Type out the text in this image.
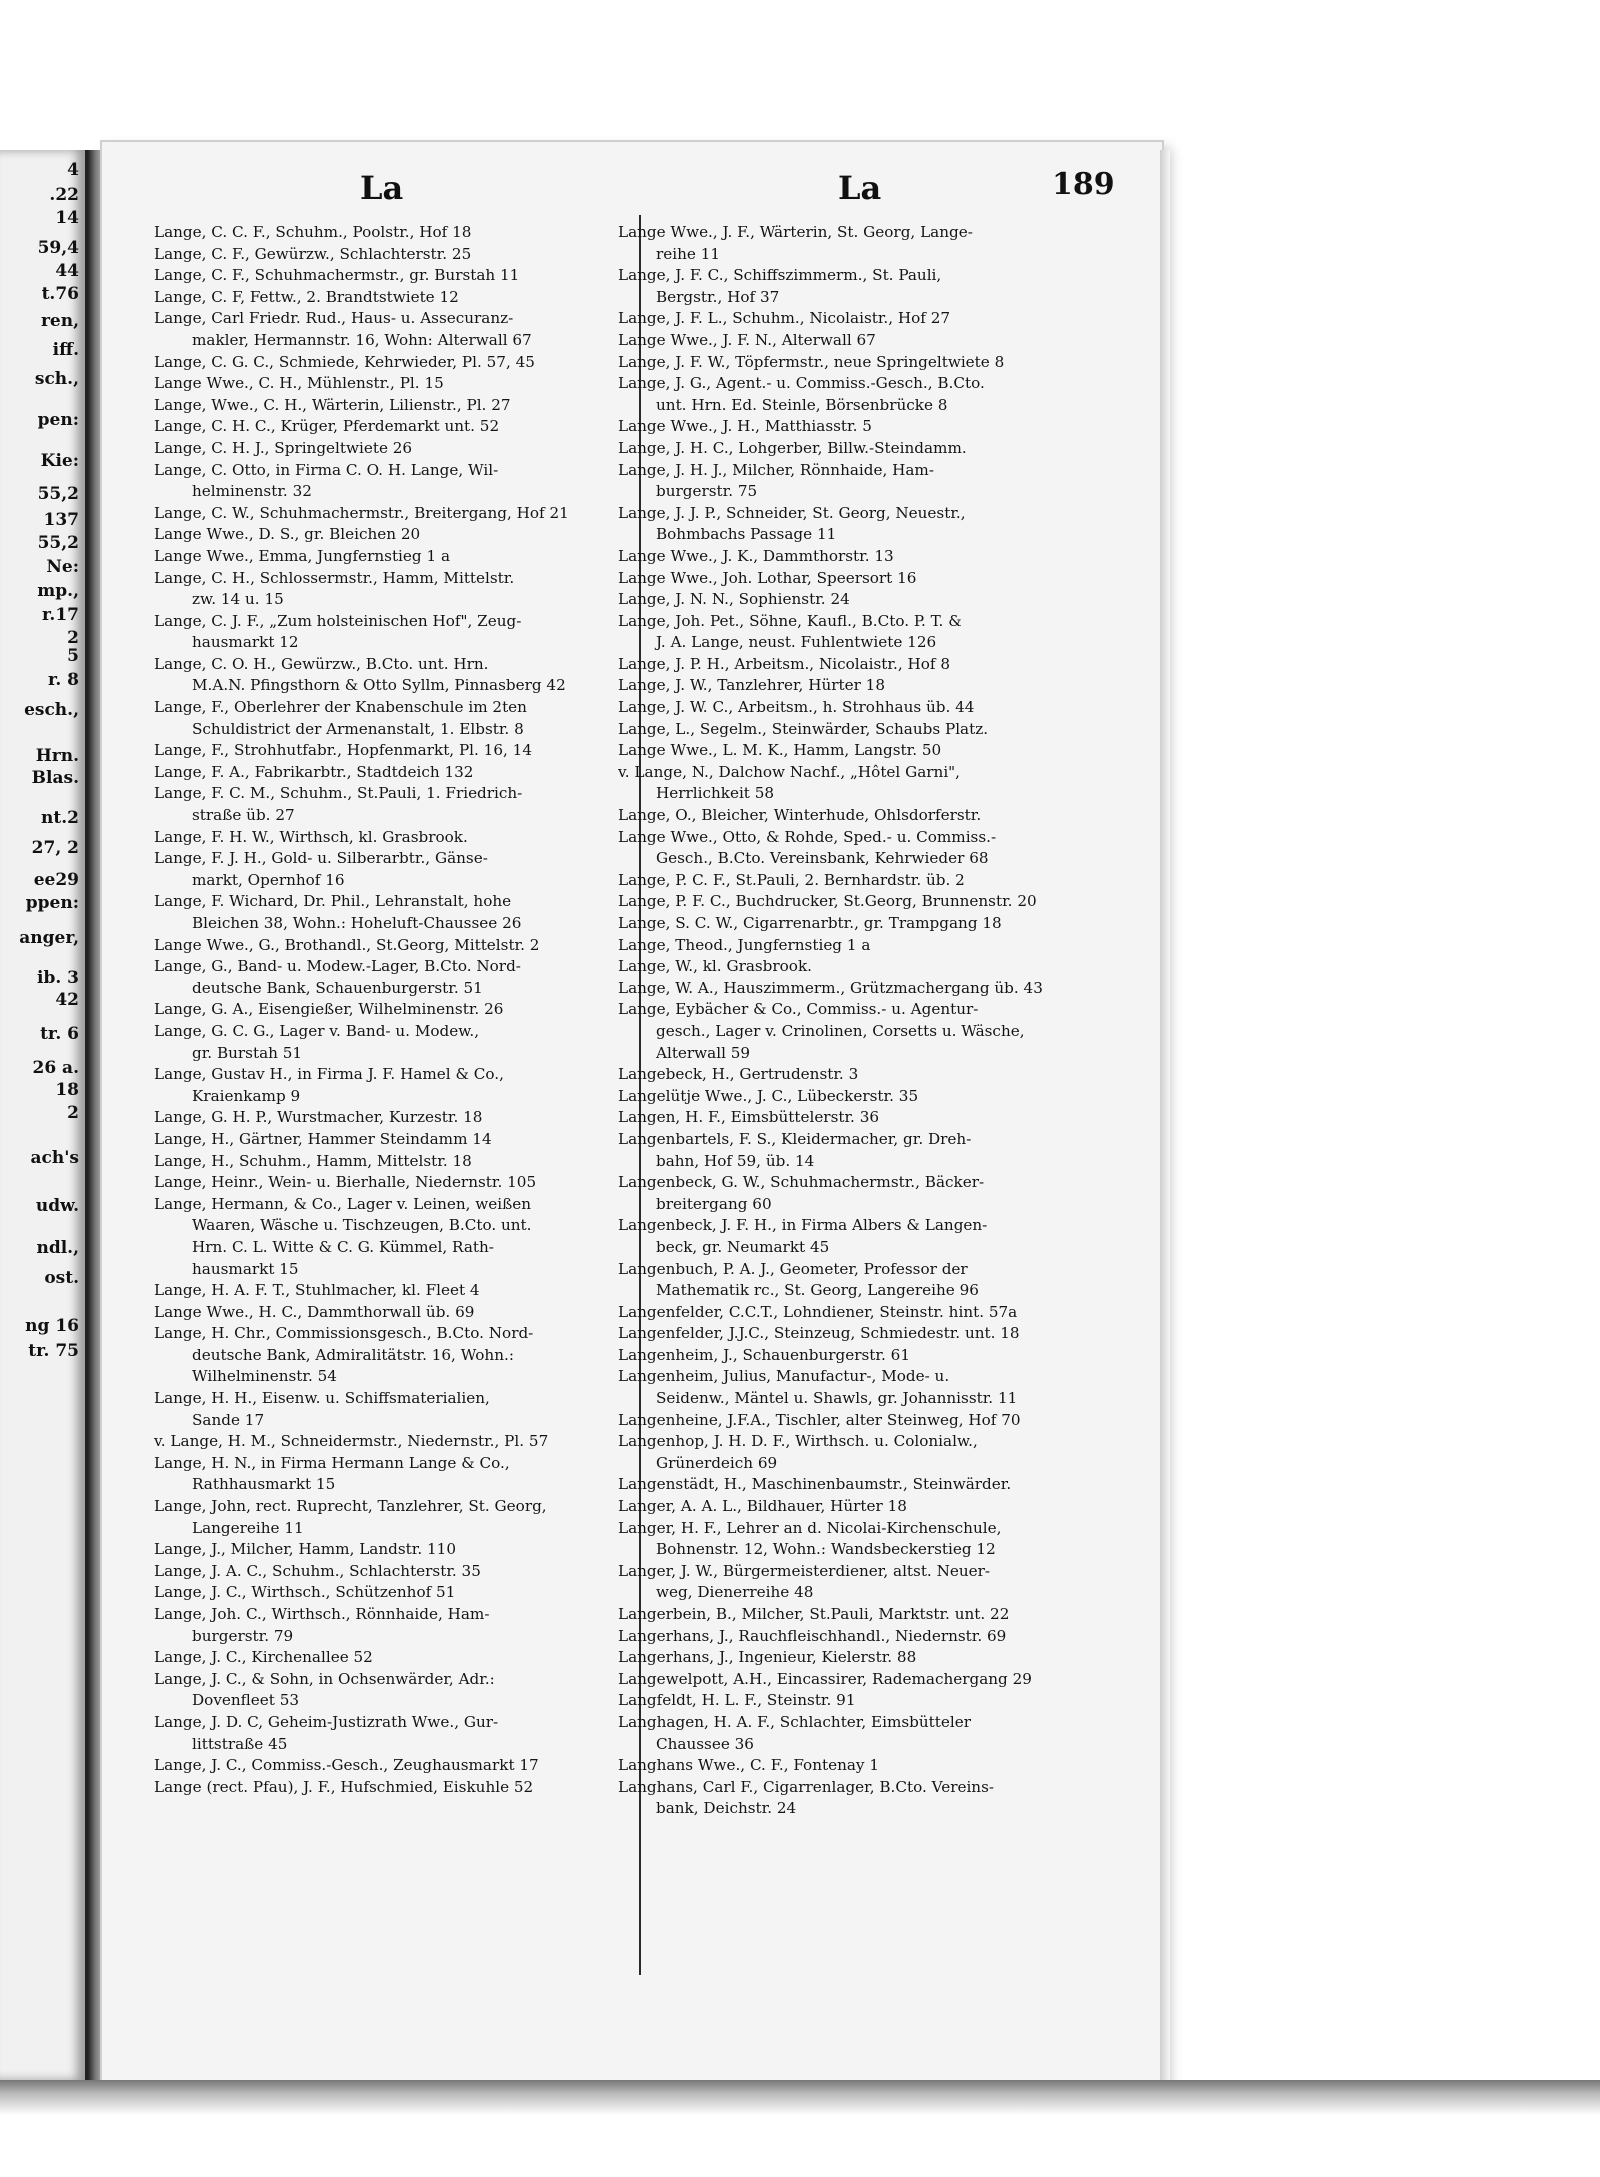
4
.22
14
59,4
44
t.76
ren,
iff.
sch.,
pen:
Kie:
55,2
137
55,2
Ne:
mp.,
r.17
2
5
r. 8
esch.,
Hrn.
Blas.
nt.2
27, 2
ee29
ppen:
anger,
ib. 3
42
tr. 6
26 a.
18
2
ach's
udw.
ndl.,
ost.
ng 16
tr. 75
La	La	189
Lange, C. C. F., Schuhm., Poolstr., Hof 18
Lange, C. F., Gewürzw., Schlachterstr. 25
Lange, C. F., Schuhmachermstr., gr. Burstah 11
Lange, C. F, Fettw., 2. Brandtstwiete 12
Lange, Carl Friedr. Rud., Haus- u. Assecuranz-
makler, Hermannstr. 16, Wohn: Alterwall 67
Lange, C. G. C., Schmiede, Kehrwieder, Pl. 57, 45
Lange Wwe., C. H., Mühlenstr., Pl. 15
Lange, Wwe., C. H., Wärterin, Lilienstr., Pl. 27
Lange, C. H. C., Krüger, Pferdemarkt unt. 52
Lange, C. H. J., Springeltwiete 26
Lange, C. Otto, in Firma C. O. H. Lange, Wil-
helminenstr. 32
Lange, C. W., Schuhmachermstr., Breitergang, Hof 21
Lange Wwe., D. S., gr. Bleichen 20
Lange Wwe., Emma, Jungfernstieg 1 a
Lange, C. H., Schlossermstr., Hamm, Mittelstr.
zw. 14 u. 15
Lange, C. J. F., „Zum holsteinischen Hof", Zeug-
hausmarkt 12
Lange, C. O. H., Gewürzw., B.Cto. unt. Hrn.
M.A.N. Pfingsthorn & Otto Syllm, Pinnasberg 42
Lange, F., Oberlehrer der Knabenschule im 2ten
Schuldistrict der Armenanstalt, 1. Elbstr. 8
Lange, F., Strohhutfabr., Hopfenmarkt, Pl. 16, 14
Lange, F. A., Fabrikarbtr., Stadtdeich 132
Lange, F. C. M., Schuhm., St.Pauli, 1. Friedrich-
straße üb. 27
Lange, F. H. W., Wirthsch, kl. Grasbrook.
Lange, F. J. H., Gold- u. Silberarbtr., Gänse-
markt, Opernhof 16
Lange, F. Wichard, Dr. Phil., Lehranstalt, hohe
Bleichen 38, Wohn.: Hoheluft-Chaussee 26
Lange Wwe., G., Brothandl., St.Georg, Mittelstr. 2
Lange, G., Band- u. Modew.-Lager, B.Cto. Nord-
deutsche Bank, Schauenburgerstr. 51
Lange, G. A., Eisengießer, Wilhelminenstr. 26
Lange, G. C. G., Lager v. Band- u. Modew.,
gr. Burstah 51
Lange, Gustav H., in Firma J. F. Hamel & Co.,
Kraienkamp 9
Lange, G. H. P., Wurstmacher, Kurzestr. 18
Lange, H., Gärtner, Hammer Steindamm 14
Lange, H., Schuhm., Hamm, Mittelstr. 18
Lange, Heinr., Wein- u. Bierhalle, Niedernstr. 105
Lange, Hermann, & Co., Lager v. Leinen, weißen
Waaren, Wäsche u. Tischzeugen, B.Cto. unt.
Hrn. C. L. Witte & C. G. Kümmel, Rath-
hausmarkt 15
Lange, H. A. F. T., Stuhlmacher, kl. Fleet 4
Lange Wwe., H. C., Dammthorwall üb. 69
Lange, H. Chr., Commissionsgesch., B.Cto. Nord-
deutsche Bank, Admiralitätstr. 16, Wohn.:
Wilhelminenstr. 54
Lange, H. H., Eisenw. u. Schiffsmaterialien,
Sande 17
v. Lange, H. M., Schneidermstr., Niedernstr., Pl. 57
Lange, H. N., in Firma Hermann Lange & Co.,
Rathhausmarkt 15
Lange, John, rect. Ruprecht, Tanzlehrer, St. Georg,
Langereihe 11
Lange, J., Milcher, Hamm, Landstr. 110
Lange, J. A. C., Schuhm., Schlachterstr. 35
Lange, J. C., Wirthsch., Schützenhof 51
Lange, Joh. C., Wirthsch., Rönnhaide, Ham-
burgerstr. 79
Lange, J. C., Kirchenallee 52
Lange, J. C., & Sohn, in Ochsenwärder, Adr.:
Dovenfleet 53
Lange, J. D. C, Geheim-Justizrath Wwe., Gur-
littstraße 45
Lange, J. C., Commiss.-Gesch., Zeughausmarkt 17
Lange (rect. Pfau), J. F., Hufschmied, Eiskuhle 52
Lange Wwe., J. F., Wärterin, St. Georg, Lange-
reihe 11
Lange, J. F. C., Schiffszimmerm., St. Pauli,
Bergstr., Hof 37
Lange, J. F. L., Schuhm., Nicolaistr., Hof 27
Lange Wwe., J. F. N., Alterwall 67
Lange, J. F. W., Töpfermstr., neue Springeltwiete 8
Lange, J. G., Agent.- u. Commiss.-Gesch., B.Cto.
unt. Hrn. Ed. Steinle, Börsenbrücke 8
Lange Wwe., J. H., Matthiasstr. 5
Lange, J. H. C., Lohgerber, Billw.-Steindamm.
Lange, J. H. J., Milcher, Rönnhaide, Ham-
burgerstr. 75
Lange, J. J. P., Schneider, St. Georg, Neuestr.,
Bohmbachs Passage 11
Lange Wwe., J. K., Dammthorstr. 13
Lange Wwe., Joh. Lothar, Speersort 16
Lange, J. N. N., Sophienstr. 24
Lange, Joh. Pet., Söhne, Kaufl., B.Cto. P. T. &
J. A. Lange, neust. Fuhlentwiete 126
Lange, J. P. H., Arbeitsm., Nicolaistr., Hof 8
Lange, J. W., Tanzlehrer, Hürter 18
Lange, J. W. C., Arbeitsm., h. Strohhaus üb. 44
Lange, L., Segelm., Steinwärder, Schaubs Platz.
Lange Wwe., L. M. K., Hamm, Langstr. 50
v. Lange, N., Dalchow Nachf., „Hôtel Garni",
Herrlichkeit 58
Lange, O., Bleicher, Winterhude, Ohlsdorferstr.
Lange Wwe., Otto, & Rohde, Sped.- u. Commiss.-
Gesch., B.Cto. Vereinsbank, Kehrwieder 68
Lange, P. C. F., St.Pauli, 2. Bernhardstr. üb. 2
Lange, P. F. C., Buchdrucker, St.Georg, Brunnenstr. 20
Lange, S. C. W., Cigarrenarbtr., gr. Trampgang 18
Lange, Theod., Jungfernstieg 1 a
Lange, W., kl. Grasbrook.
Lange, W. A., Hauszimmerm., Grützmachergang üb. 43
Lange, Eybächer & Co., Commiss.- u. Agentur-
gesch., Lager v. Crinolinen, Corsetts u. Wäsche,
Alterwall 59
Langebeck, H., Gertrudenstr. 3
Langelütje Wwe., J. C., Lübeckerstr. 35
Langen, H. F., Eimsbüttelerstr. 36
Langenbartels, F. S., Kleidermacher, gr. Dreh-
bahn, Hof 59, üb. 14
Langenbeck, G. W., Schuhmachermstr., Bäcker-
breitergang 60
Langenbeck, J. F. H., in Firma Albers & Langen-
beck, gr. Neumarkt 45
Langenbuch, P. A. J., Geometer, Professor der
Mathematik rc., St. Georg, Langereihe 96
Langenfelder, C.C.T., Lohndiener, Steinstr. hint. 57a
Langenfelder, J.J.C., Steinzeug, Schmiedestr. unt. 18
Langenheim, J., Schauenburgerstr. 61
Langenheim, Julius, Manufactur-, Mode- u.
Seidenw., Mäntel u. Shawls, gr. Johannisstr. 11
Langenheine, J.F.A., Tischler, alter Steinweg, Hof 70
Langenhop, J. H. D. F., Wirthsch. u. Colonialw.,
Grünerdeich 69
Langenstädt, H., Maschinenbaumstr., Steinwärder.
Langer, A. A. L., Bildhauer, Hürter 18
Langer, H. F., Lehrer an d. Nicolai-Kirchenschule,
Bohnenstr. 12, Wohn.: Wandsbeckerstieg 12
Langer, J. W., Bürgermeisterdiener, altst. Neuer-
weg, Dienerreihe 48
Langerbein, B., Milcher, St.Pauli, Marktstr. unt. 22
Langerhans, J., Rauchfleischhandl., Niedernstr. 69
Langerhans, J., Ingenieur, Kielerstr. 88
Langewelpott, A.H., Eincassirer, Rademachergang 29
Langfeldt, H. L. F., Steinstr. 91
Langhagen, H. A. F., Schlachter, Eimsbütteler
Chaussee 36
Langhans Wwe., C. F., Fontenay 1
Langhans, Carl F., Cigarrenlager, B.Cto. Vereins-
bank, Deichstr. 24
